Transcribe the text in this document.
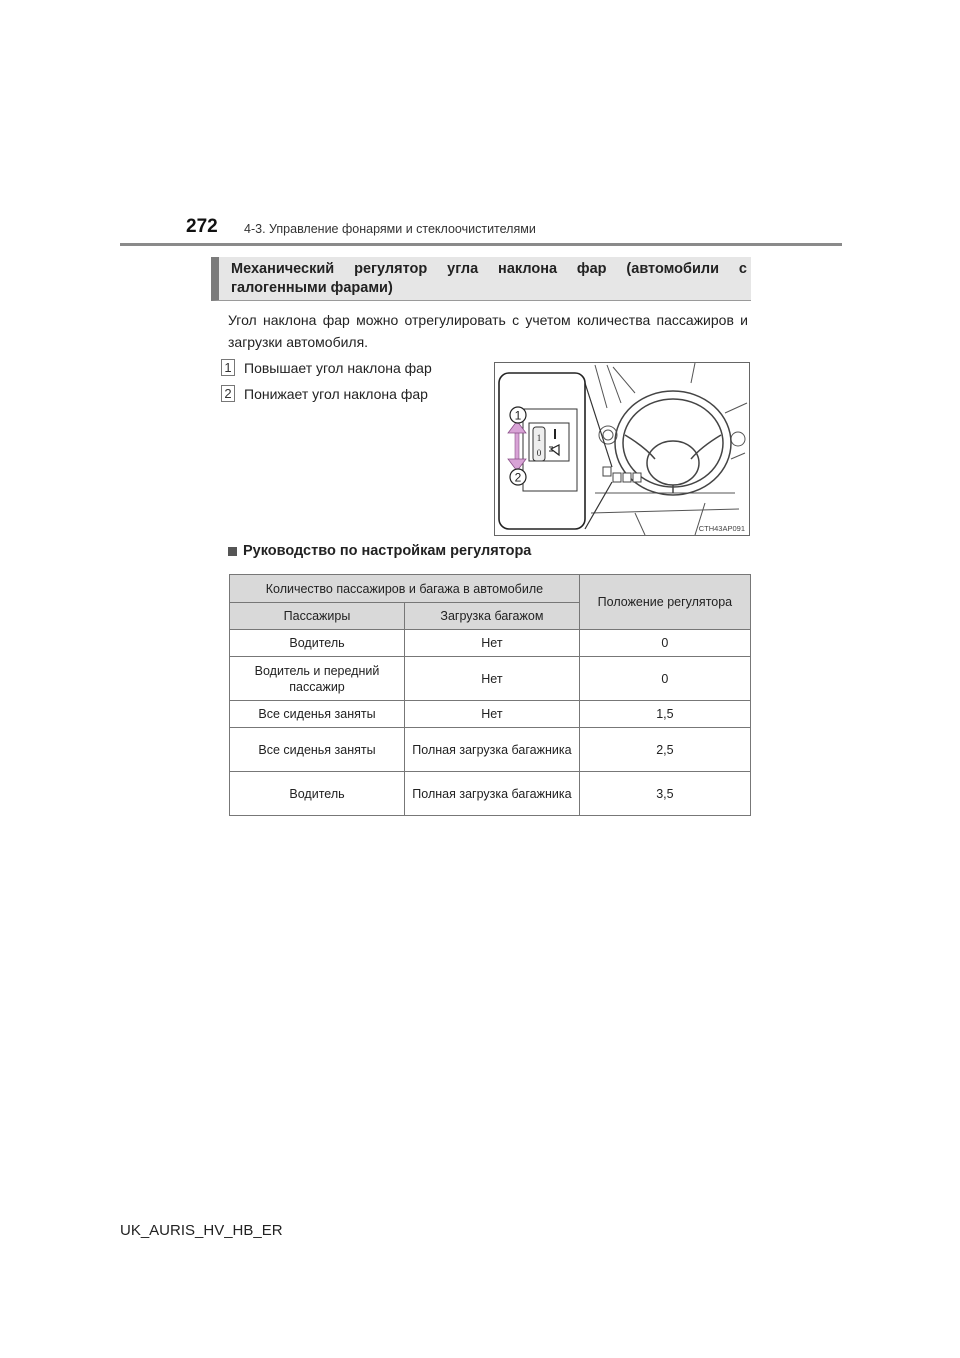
272 4-3. Управление фонарями и стеклоочистителями
Механический регулятор угла наклона фар (автомобили с галогенными фарами)
Угол наклона фар можно отрегулировать с учетом количества пассажиров и загрузки автомобиля.
1 Повышает угол наклона фар
2 Понижает угол наклона фар
1
0
1
2
CTH43AP091
Руководство по настройкам регулятора
Количество пассажиров и багажа в автомобиле		Положение регулятора
Пассажиры	Загрузка багажом	
Водитель	Нет	0
Водитель и передний пассажир	Нет	0
Все сиденья заняты	Нет	1,5
Все сиденья заняты	Полная загрузка багажника	2,5
Водитель	Полная загрузка багажника	3,5
UK_AURIS_HV_HB_ER
